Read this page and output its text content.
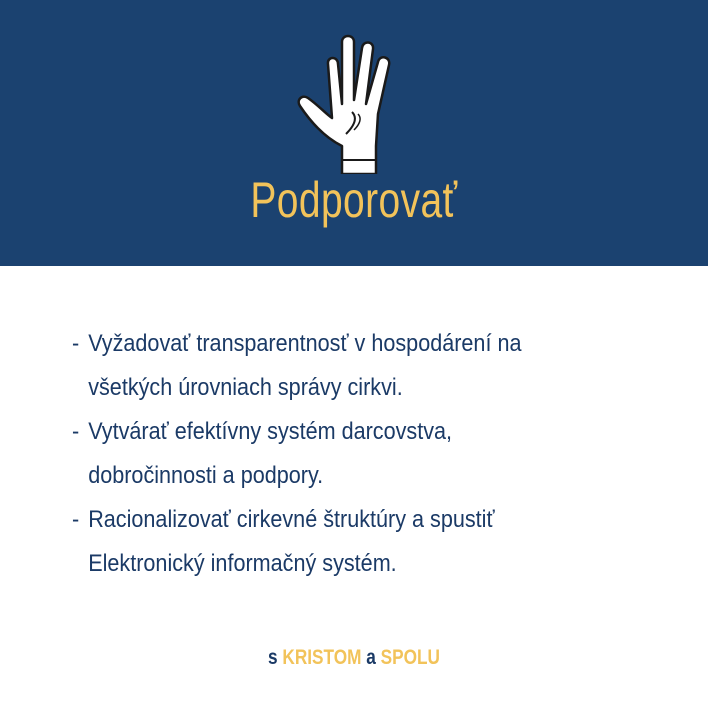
Podporovať
- Vyžadovať transparentnosť v hospodárení na
všetkých úrovniach správy cirkvi.
- Vytvárať efektívny systém darcovstva,
dobročinnosti a podpory.
- Racionalizovať cirkevné štruktúry a spustiť
Elektronický informačný systém.
s KRISTOM a SPOLU
